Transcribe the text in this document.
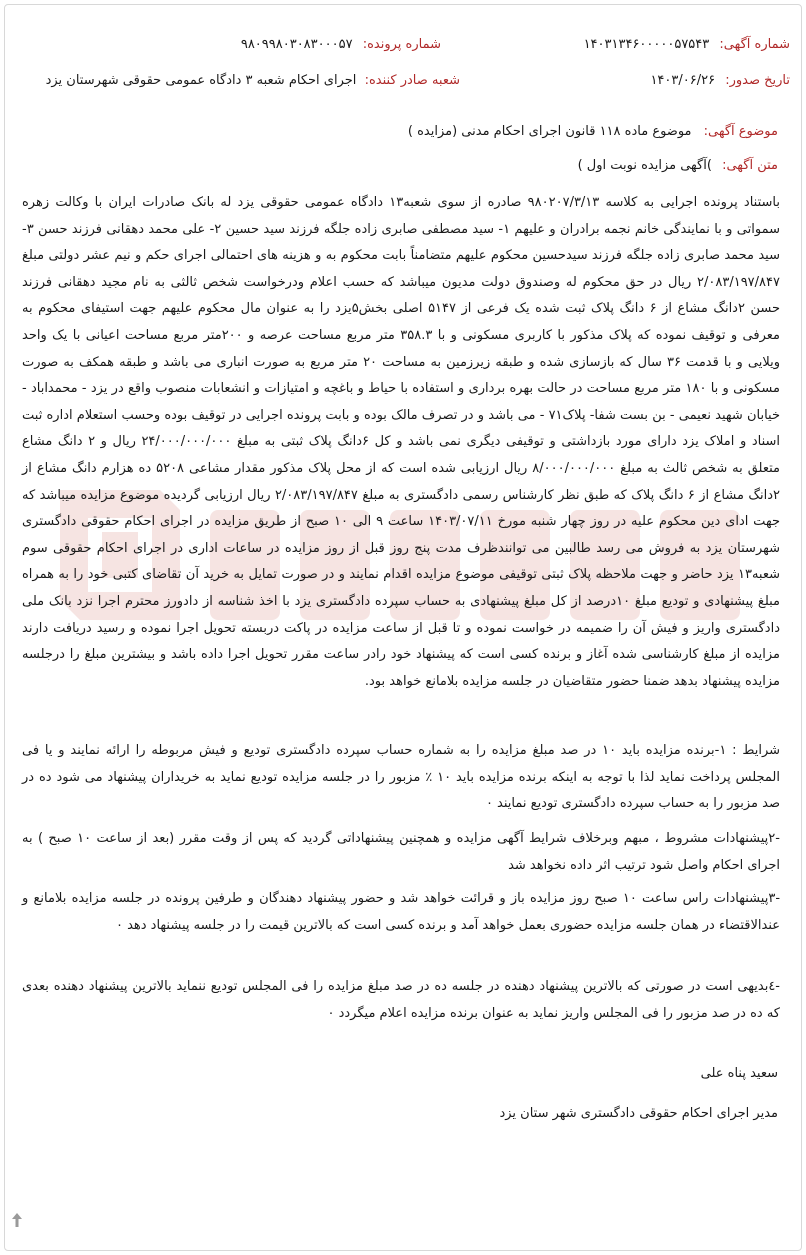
شماره آگهی: ۱۴۰۳۱۳۴۶۰۰۰۰۰۵۷۵۴۳
شماره پرونده: ۹۸۰۹۹۸۰۳۰۸۳۰۰۰۵۷
تاریخ صدور: ۱۴۰۳/۰۶/۲۶
شعبه صادر کننده: اجرای احکام شعبه ۳ دادگاه عمومی حقوقی شهرستان یزد
موضوع آگهی: موضوع ماده ۱۱۸ قانون اجرای احکام مدنی (مزایده )
متن آگهی: )آگهی مزایده نوبت اول )
باستناد پرونده اجرایی به کلاسه ۹۸۰۲۰۷/۳/۱۳ صادره از سوی شعبه۱۳ دادگاه عمومی حقوقی یزد له بانک صادرات ایران با وکالت زهره سمواتی و با نمایندگی خانم نجمه برادران و علیهم ۱- سید مصطفی صابری زاده جلگه فرزند سید حسین ۲- علی محمد دهقانی فرزند حسن ۳- سید محمد صابری زاده جلگه فرزند سیدحسین محکوم علیهم متضامناً بابت محکوم به و هزینه های احتمالی اجرای حکم و نیم عشر دولتی مبلغ ۲/۰۸۳/۱۹۷/۸۴۷ ریال در حق محکوم له وصندوق دولت مدیون میباشد که حسب اعلام ودرخواست شخص ثالثی به نام مجید دهقانی فرزند حسن ۲دانگ مشاع از ۶ دانگ پلاک ثبت شده یک فرعی از ۵۱۴۷ اصلی بخش۵یزد را به عنوان مال محکوم علیهم جهت استیفای محکوم به معرفی و توقیف نموده که پلاک مذکور با کاربری مسکونی و با ۳۵۸.۳ متر مربع مساحت عرصه و ۲۰۰متر مربع مساحت اعیانی با یک واحد ویلایی و با قدمت ۳۶ سال که بازسازی شده و طبقه زیرزمین به مساحت ۲۰ متر مربع به صورت انباری می باشد و طبقه همکف به صورت مسکونی و با ۱۸۰ متر مربع مساحت در حالت بهره برداری و استفاده با حیاط و باغچه و امتیازات و انشعابات منصوب واقع در یزد - محمداباد - خیابان شهید نعیمی - بن بست شفا- پلاک۷۱ - می باشد و در تصرف مالک بوده و بابت پرونده اجرایی در توقیف بوده وحسب استعلام اداره ثبت اسناد و املاک یزد دارای مورد بازداشتی و توقیفی دیگری نمی باشد و کل ۶دانگ پلاک ثبتی به مبلغ ۲۴/۰۰۰/۰۰۰/۰۰۰ ریال و ۲ دانگ مشاع متعلق به شخص ثالث به مبلغ ۸/۰۰۰/۰۰۰/۰۰۰ ریال ارزیابی شده است که از محل پلاک مذکور مقدار مشاعی ۵۲۰۸ ده هزارم دانگ مشاع از ۲دانگ مشاع از ۶ دانگ پلاک که طبق نظر کارشناس رسمی دادگستری به مبلغ ۲/۰۸۳/۱۹۷/۸۴۷ ریال ارزیابی گردیده موضوع مزایده میباشد که جهت ادای دین محکوم علیه در روز چهار شنبه مورخ ۱۴۰۳/۰۷/۱۱ ساعت ۹ الی ۱۰ صبح از طریق مزایده در اجرای احکام حقوقی دادگستری شهرستان یزد به فروش می رسد طالبین می توانندظرف مدت پنج روز قبل از روز مزایده در ساعات اداری در اجرای احکام حقوقی سوم شعبه۱۳ یزد حاضر و جهت ملاحظه پلاک ثبتی توقیفی موضوع مزایده اقدام نمایند و در صورت تمایل به خرید آن تقاضای کتبی خود را به همراه مبلغ پیشنهادی و تودیع مبلغ ۱۰درصد از کل مبلغ پیشنهادی به حساب سپرده دادگستری یزد با اخذ شناسه از دادورز محترم اجرا نزد بانک ملی دادگستری واریز و فیش آن را ضمیمه در خواست نموده و تا قبل از ساعت مزایده در پاکت دربسته تحویل اجرا نموده و رسید دریافت دارند مزایده از مبلغ کارشناسی شده آغاز و برنده کسی است که پیشنهاد خود رادر ساعت مقرر تحویل اجرا داده باشد و بیشترین مبلغ را درجلسه مزایده پیشنهاد بدهد ضمنا حضور متقاضیان در جلسه مزایده بلامانع خواهد بود.
شرایط : ۱-برنده مزایده باید ۱۰ در صد مبلغ مزایده را به شماره حساب سپرده دادگستری تودیع و فیش مربوطه را ارائه نمایند و یا فی المجلس پرداخت نماید لذا با توجه به اینکه برنده مزایده باید ۱۰ ٪ مزبور را در جلسه مزایده تودیع نماید به خریداران پیشنهاد می شود ده در صد مزبور را به حساب سپرده دادگستری تودیع نمایند ٠
-۲پیشنهادات مشروط ، مبهم وبرخلاف شرایط آگهی مزایده و همچنین پیشنهاداتی گردید که پس از وقت مقرر (بعد از ساعت ۱۰ صبح ) به اجرای احکام واصل شود ترتیب اثر داده نخواهد شد
-۳پیشنهادات راس ساعت ۱۰ صبح روز مزایده باز و قرائت خواهد شد و حضور پیشنهاد دهندگان و طرفین پرونده در جلسه مزایده بلامانع و عندالاقتضاء در همان جلسه مزایده حضوری بعمل خواهد آمد و برنده کسی است که بالاترین قیمت را در جلسه پیشنهاد دهد ٠
-٤بدیهی است در صورتی که بالاترین پیشنهاد دهنده در جلسه ده در صد مبلغ مزایده را فی المجلس تودیع ننماید بالاترین پیشنهاد دهنده بعدی که ده در صد مزبور را فی المجلس واریز نماید به عنوان برنده مزایده اعلام میگردد ٠
سعید پناه علی
مدیر اجرای احکام حقوقی دادگستری شهر ستان یزد
